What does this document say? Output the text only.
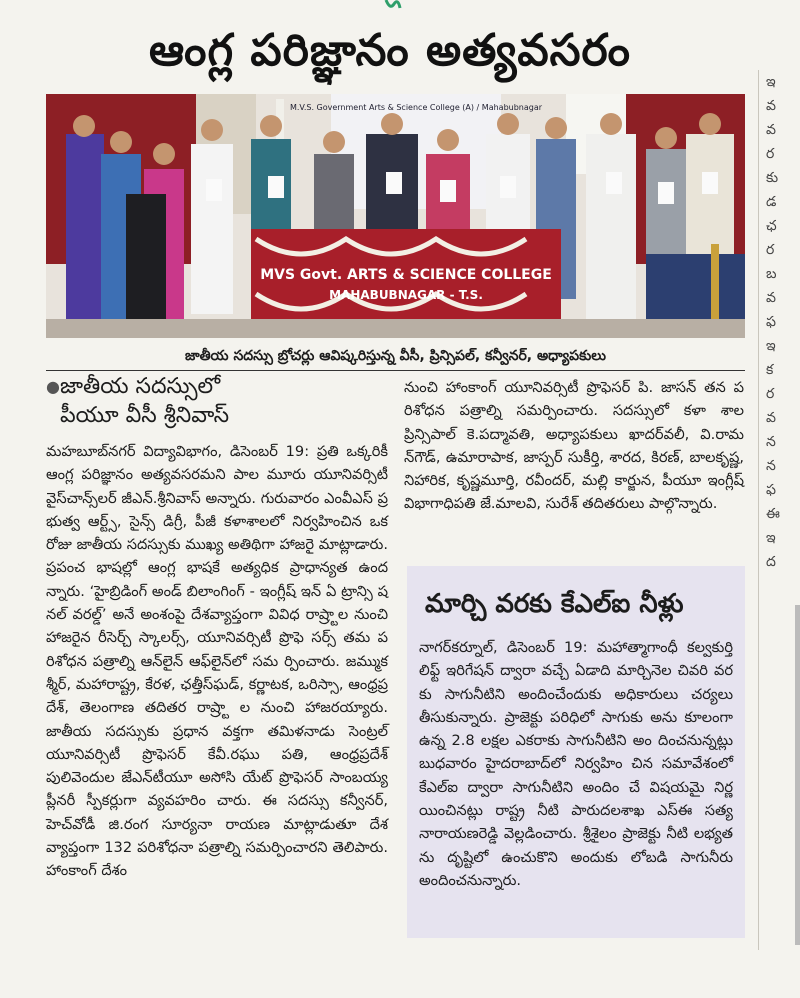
ఆంగ్ల పరిజ్ఞానం అత్యవసరం
M.V.S. Government Arts & Science College (A) / Mahabubnagar
MVS Govt. ARTS & SCIENCE COLLEGE
MAHABUBNAGAR - T.S.
జాతీయ సదస్సు బ్రోచర్లు ఆవిష్కరిస్తున్న వీసీ, ప్రిన్సిపల్‌, కన్వీనర్‌, అధ్యాపకులు
● జాతీయ సదస్సులో
పీయూ వీసీ శ్రీనివాస్‌

మహబూబ్‌నగర్‌ విద్యావిభాగం, డిసెంబర్‌ 19: ప్రతి ఒక్కరికీ ఆంగ్ల పరిజ్ఞానం అత్యవసరమని పాల మూరు యూనివర్సిటీ వైస్‌చాన్స్‌లర్‌ జీఎన్‌.శ్రీనివాస్‌ అన్నారు. గురువారం ఎంవీఎస్‌ ప్రభుత్వ ఆర్ట్స్‌, సైన్స్‌ డిగ్రీ, పీజీ కళాశాలలో నిర్వహించిన ఒకరోజు జాతీయ సదస్సుకు ముఖ్య అతిథిగా హాజరై మాట్లాడారు. ప్రపంచ భాషల్లో ఆంగ్ల భాషకే అత్యధిక ప్రాధాన్యత ఉందన్నారు. ‘హైబ్రిడింగ్‌ అండ్‌ బిలాంగింగ్‌ - ఇంగ్లీష్‌ ఇన్‌ ఏ ట్రాన్సి షనల్‌ వరల్డ్‌’ అనే అంశంపై దేశవ్యాప్తంగా వివిధ రాష్ర్టాల నుంచి హాజరైన రీసెర్చ్‌ స్కాలర్స్‌, యూనివర్సిటీ ప్రొఫె సర్స్‌ తమ పరిశోధన పత్రాల్ని ఆన్‌లైన్‌ ఆఫ్‌లైన్‌లో సమ ర్పించారు. జమ్ముకశ్మీర్‌, మహారాష్ట్ర, కేరళ, ఛత్తీస్‌ఘడ్‌, కర్ణాటక, ఒరిస్సా, ఆంధ్రప్రదేశ్‌, తెలంగాణ తదితర రాష్ర్టా ల నుంచి హాజరయ్యారు. జాతీయ సదస్సుకు ప్రధాన వక్తగా తమిళనాడు సెంట్రల్‌ యూనివర్సిటీ ప్రొఫెసర్‌ కేవీ.రఘు పతి, ఆంధ్రప్రదేశ్‌ పులివెందుల జేఎన్‌టీయూ అసోసి యేట్‌ ప్రొఫెసర్‌ సాంబయ్య ప్లీనరీ స్పీకర్లుగా వ్యవహరిం చారు. ఈ సదస్సు కన్వీనర్‌, హెచ్‌వోడీ జి.రంగ సూర్యనా రాయణ మాట్లాడుతూ దేశవ్యాప్తంగా 132 పరిశోధనా పత్రాల్ని సమర్పించారని తెలిపారు. హాంకాంగ్‌ దేశం

నుంచి హాంకాంగ్‌ యూనివర్సిటీ ప్రొఫెసర్‌ పి. జాసన్‌ తన పరిశోధన పత్రాల్ని సమర్పించారు. సదస్సులో కళా శాల ప్రిన్సిపాల్‌ కె.పద్మావతి, అధ్యాపకులు ఖాదర్‌వలీ, వి.రామన్‌గౌడ్‌, ఉమారాపాక, జాస్పర్‌ సుకీర్తి, శారద, కిరణ్‌, బాలకృష్ణ, నిహారిక, కృష్ణమూర్తి, రవీందర్‌, మల్లి కార్జున, పీయూ ఇంగ్లీష్‌ విభాగాధిపతి జే.మాలవి, సురేశ్‌ తదితరులు పాల్గొన్నారు.

మార్చి వరకు కేఎల్‌ఐ నీళ్లు

నాగర్‌కర్నూల్‌, డిసెంబర్‌ 19: మహాత్మాగాంధీ కల్వకుర్తి లిఫ్ట్‌ ఇరిగేషన్‌ ద్వారా వచ్చే ఏడాది మార్చినెల చివరి వరకు సాగునీటిని అందించేందుకు అధికారులు చర్యలు తీసుకున్నారు. ప్రాజెక్టు పరిధిలో సాగుకు అను కూలంగా ఉన్న 2.8 లక్షల ఎకరాకు సాగునీటిని అం దించనున్నట్లు బుధవారం హైదరాబాద్‌లో నిర్వహిం చిన సమావేశంలో కేఎల్‌ఐ ద్వారా సాగునీటిని అందిం చే విషయమై నిర్ణయించినట్లు రాష్ట్ర నీటి పారుదలశాఖ ఎస్‌ఈ సత్యనారాయణరెడ్డి వెల్లడించారు. శ్రీశైలం ప్రాజెక్టు నీటి లభ్యతను దృష్టిలో ఉంచుకొని అందుకు లోబడి సాగునీరు అందించనున్నారు.

ఇ
వ
వ
ర
కు
డ
ఛ
ర
బ
వ
ఫ
ఇ
క
ర
వ
న
న
ఫ
ఈ
ఇ
ద
